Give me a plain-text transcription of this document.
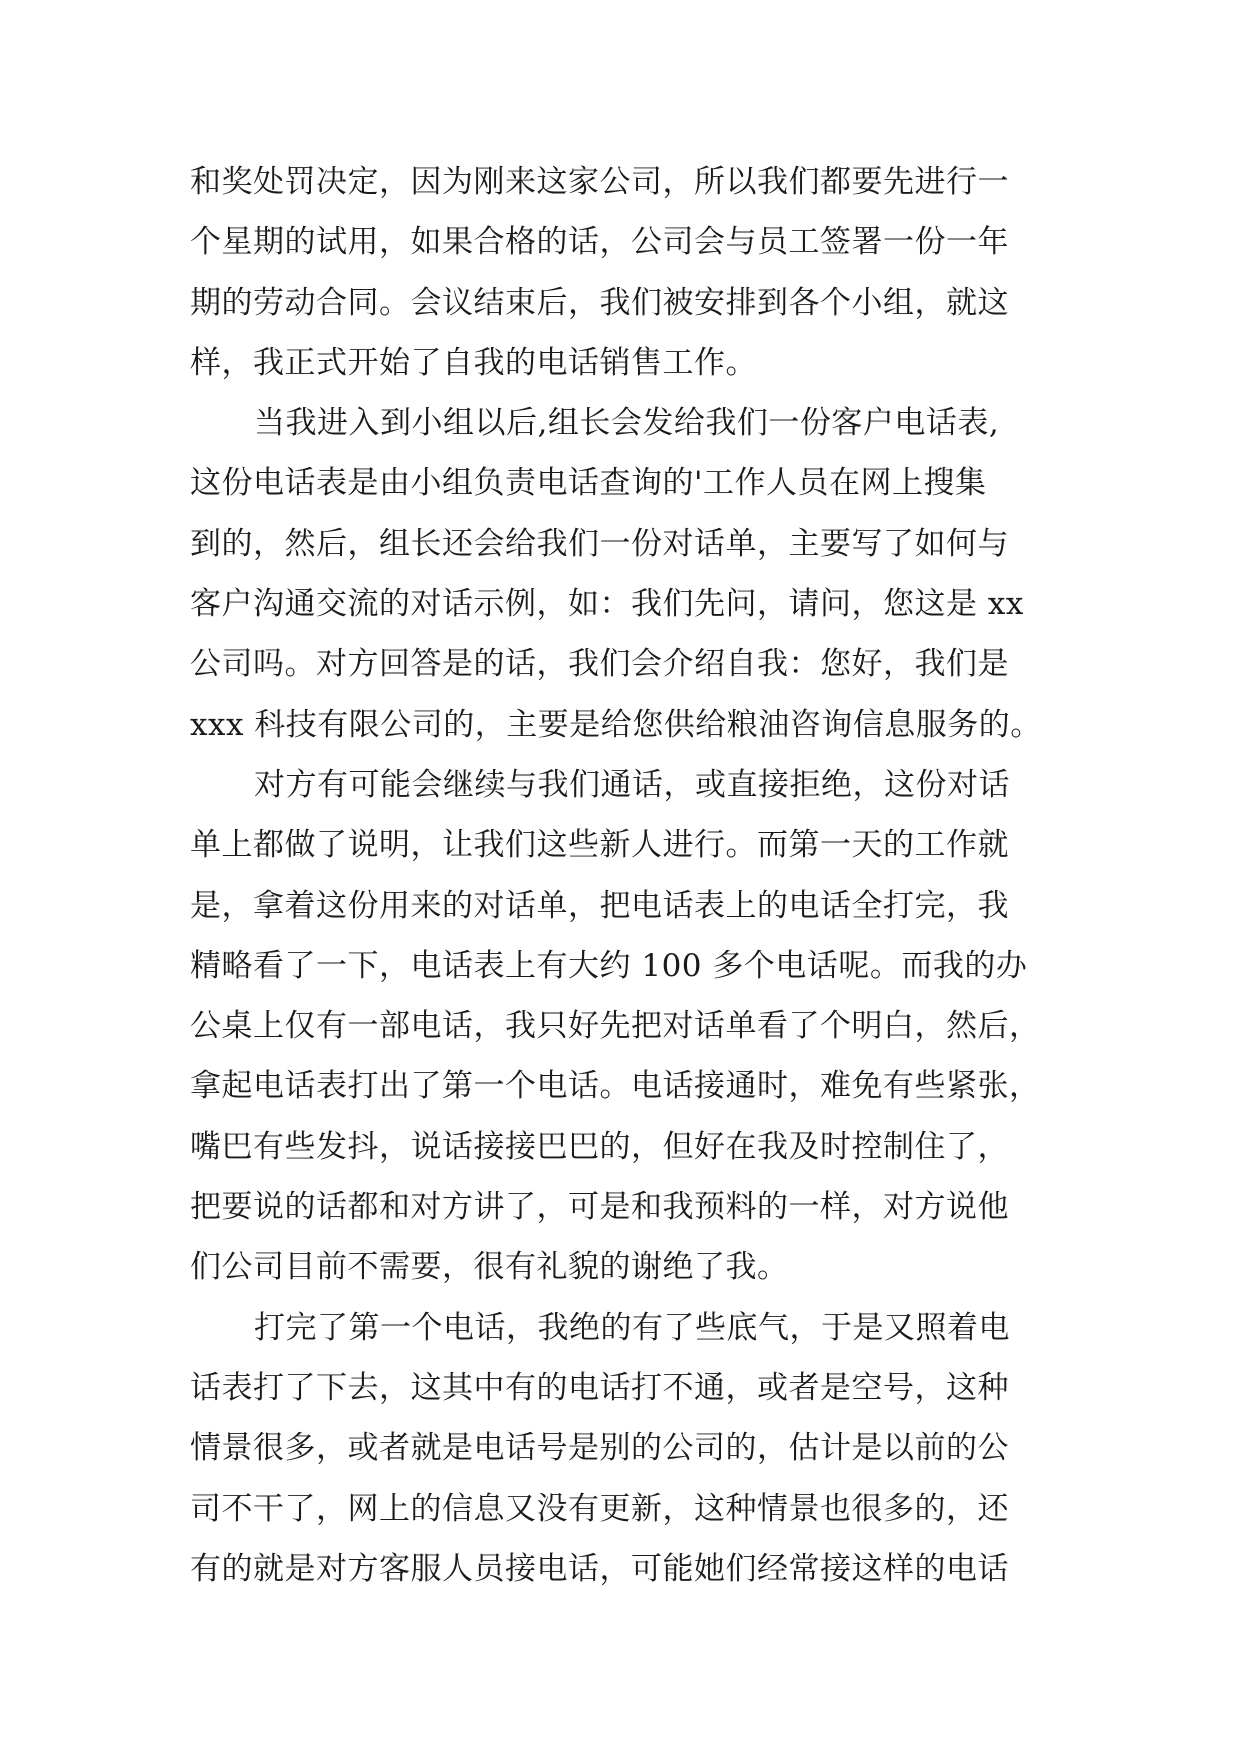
和奖处罚决定，因为刚来这家公司，所以我们都要先进行一
个星期的试用，如果合格的话，公司会与员工签署一份一年
期的劳动合同。会议结束后，我们被安排到各个小组，就这
样，我正式开始了自我的电话销售工作。
当我进入到小组以后,组长会发给我们一份客户电话表,
这份电话表是由小组负责电话查询的'工作人员在网上搜集
到的，然后，组长还会给我们一份对话单，主要写了如何与
客户沟通交流的对话示例，如：我们先问，请问，您这是 xx
公司吗。对方回答是的话，我们会介绍自我：您好，我们是
xxx 科技有限公司的，主要是给您供给粮油咨询信息服务的。
对方有可能会继续与我们通话，或直接拒绝，这份对话
单上都做了说明，让我们这些新人进行。而第一天的工作就
是，拿着这份用来的对话单，把电话表上的电话全打完，我
精略看了一下，电话表上有大约 100 多个电话呢。而我的办
公桌上仅有一部电话，我只好先把对话单看了个明白，然后，
拿起电话表打出了第一个电话。电话接通时，难免有些紧张，
嘴巴有些发抖，说话接接巴巴的，但好在我及时控制住了，
把要说的话都和对方讲了，可是和我预料的一样，对方说他
们公司目前不需要，很有礼貌的谢绝了我。
打完了第一个电话，我绝的有了些底气，于是又照着电
话表打了下去，这其中有的电话打不通，或者是空号，这种
情景很多，或者就是电话号是别的公司的，估计是以前的公
司不干了，网上的信息又没有更新，这种情景也很多的，还
有的就是对方客服人员接电话，可能她们经常接这样的电话
